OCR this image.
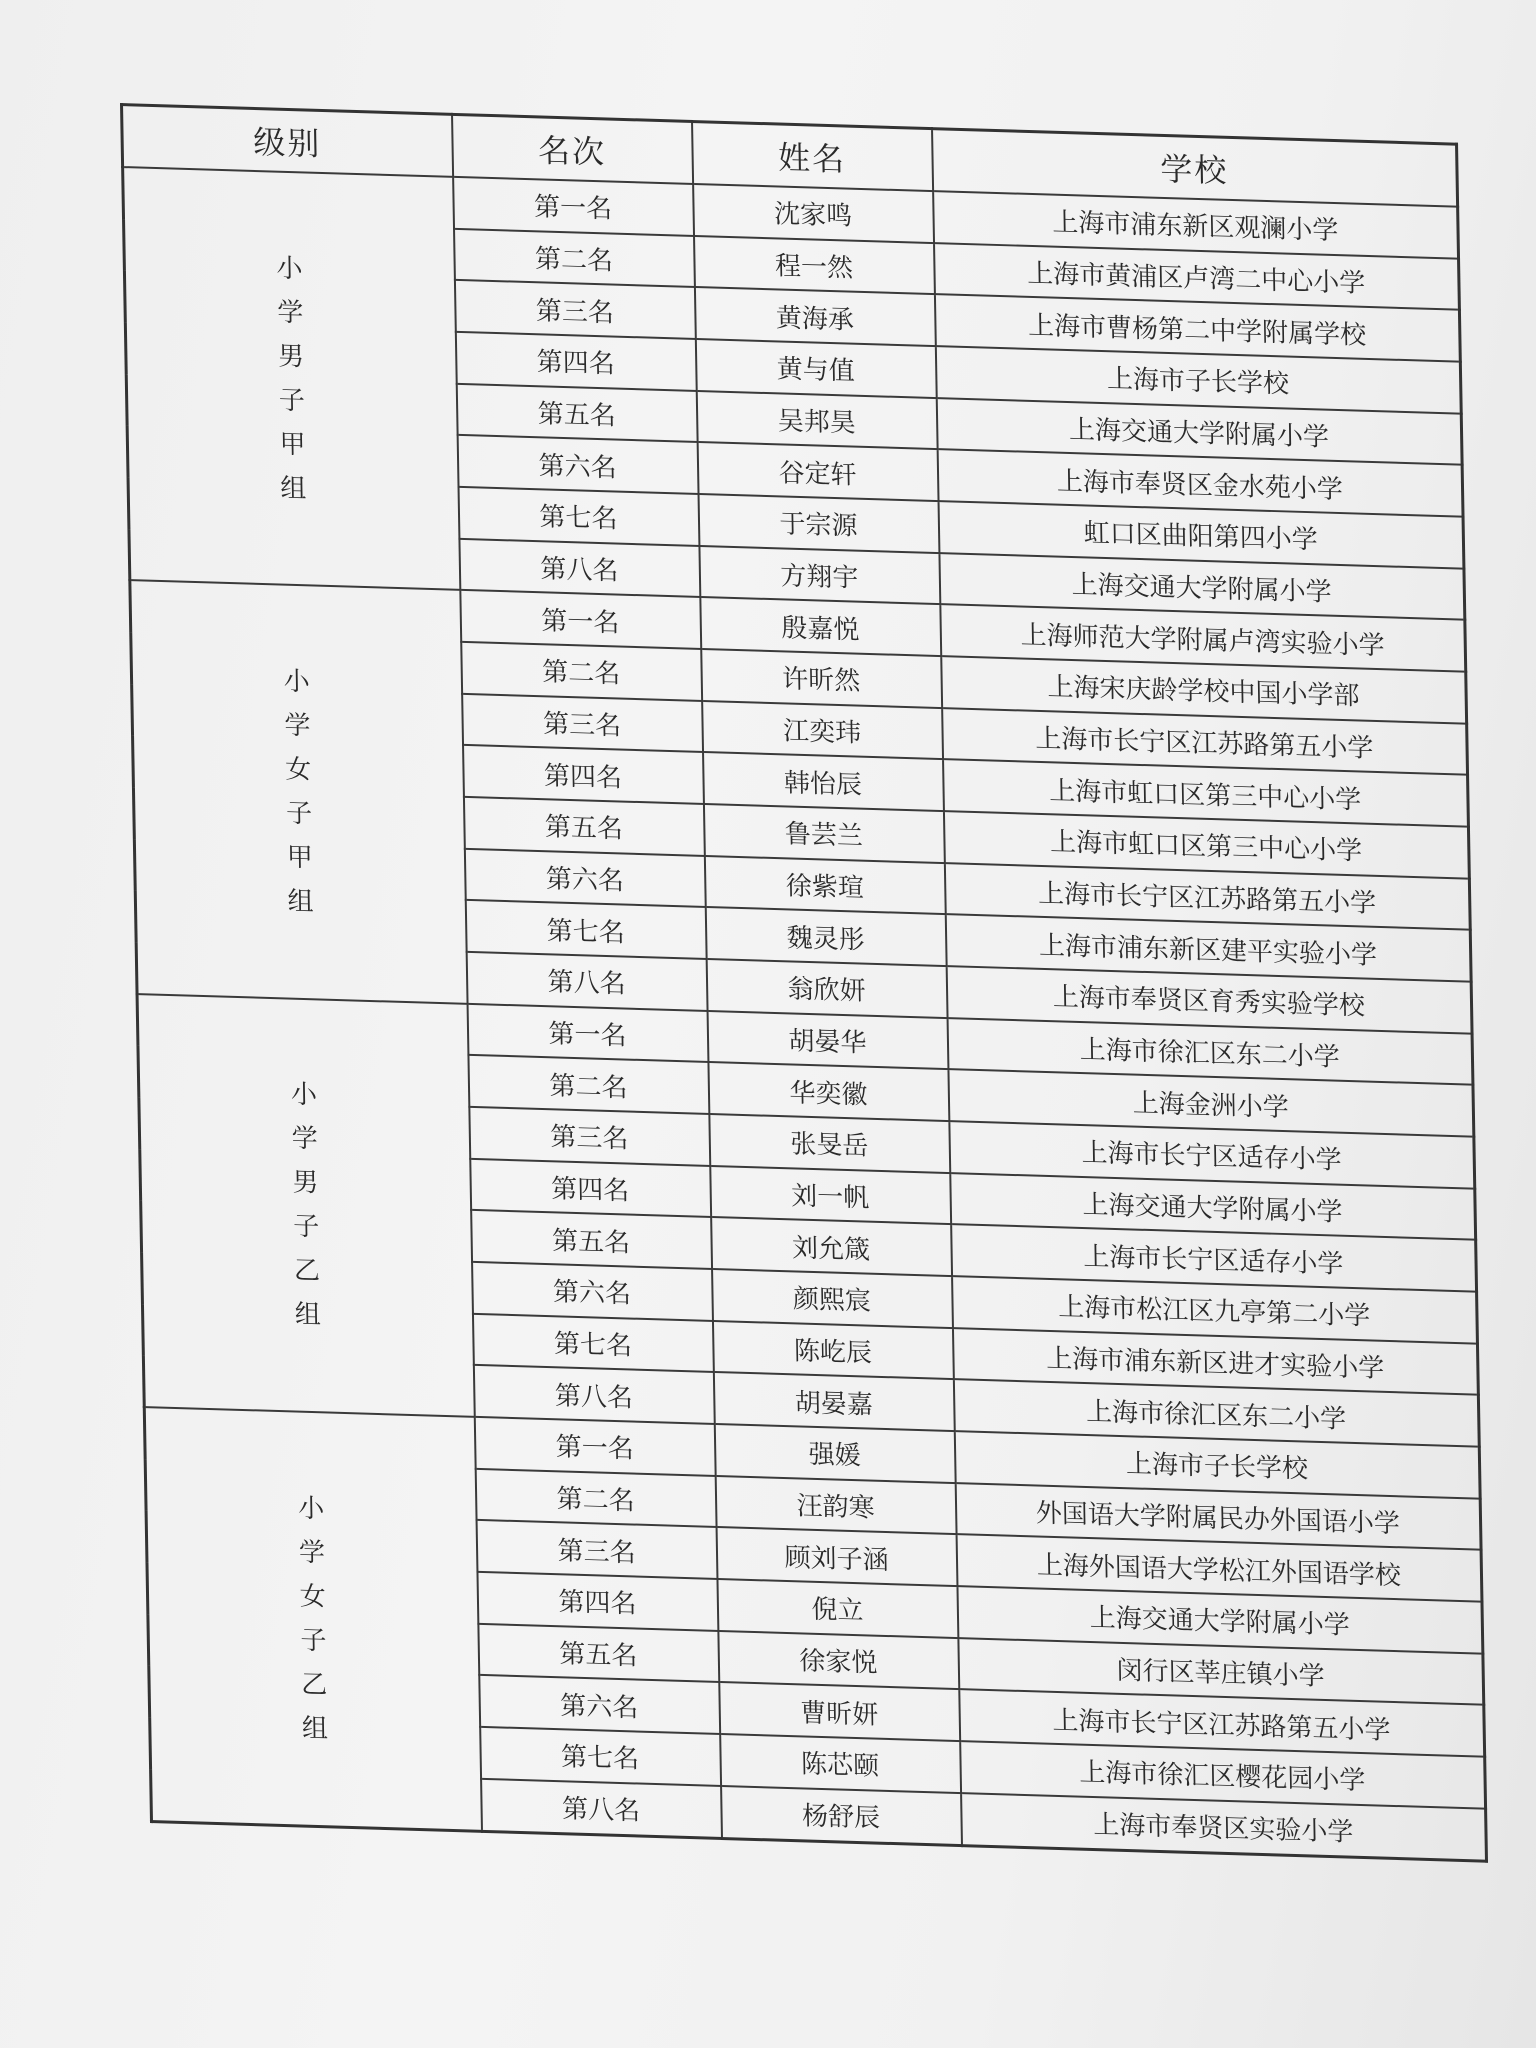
级别	名次	姓名	学校
小学男子甲组	第一名	沈家鸣	上海市浦东新区观澜小学
	第二名	程一然	上海市黄浦区卢湾二中心小学
	第三名	黄海承	上海市曹杨第二中学附属学校
	第四名	黄与值	上海市子长学校
	第五名	吴邦昊	上海交通大学附属小学
	第六名	谷定轩	上海市奉贤区金水苑小学
	第七名	于宗源	虹口区曲阳第四小学
	第八名	方翔宇	上海交通大学附属小学
小学女子甲组	第一名	殷嘉悦	上海师范大学附属卢湾实验小学
	第二名	许昕然	上海宋庆龄学校中国小学部
	第三名	江奕玮	上海市长宁区江苏路第五小学
	第四名	韩怡辰	上海市虹口区第三中心小学
	第五名	鲁芸兰	上海市虹口区第三中心小学
	第六名	徐紫瑄	上海市长宁区江苏路第五小学
	第七名	魏灵彤	上海市浦东新区建平实验小学
	第八名	翁欣妍	上海市奉贤区育秀实验学校
小学男子乙组	第一名	胡晏华	上海市徐汇区东二小学
	第二名	华奕徽	上海金洲小学
	第三名	张旻岳	上海市长宁区适存小学
	第四名	刘一帆	上海交通大学附属小学
	第五名	刘允箴	上海市长宁区适存小学
	第六名	颜熙宸	上海市松江区九亭第二小学
	第七名	陈屹辰	上海市浦东新区进才实验小学
	第八名	胡晏嘉	上海市徐汇区东二小学
小学女子乙组	第一名	强媛	上海市子长学校
	第二名	汪韵寒	外国语大学附属民办外国语小学
	第三名	顾刘子涵	上海外国语大学松江外国语学校
	第四名	倪立	上海交通大学附属小学
	第五名	徐家悦	闵行区莘庄镇小学
	第六名	曹昕妍	上海市长宁区江苏路第五小学
	第七名	陈芯颐	上海市徐汇区樱花园小学
	第八名	杨舒辰	上海市奉贤区实验小学
